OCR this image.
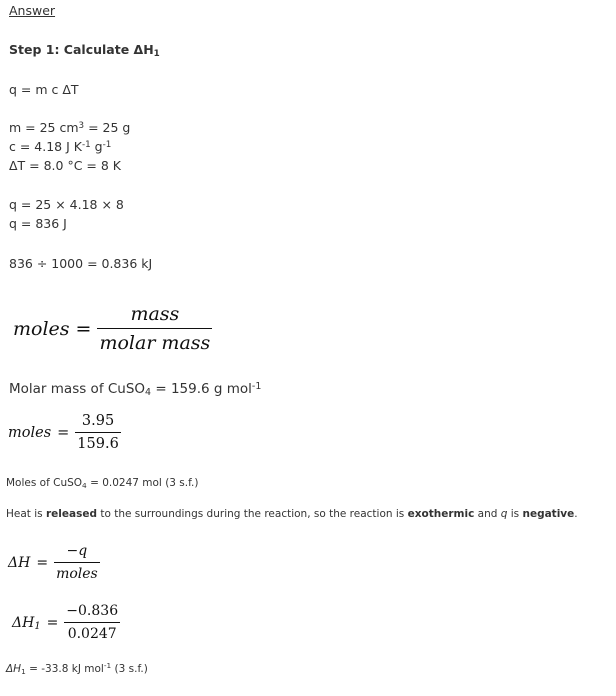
Answer
Step 1: Calculate $\Delta H_1$
q = m c ΔT
m = 25 $cm^3 = 25$ g
c = 4.18 J $K^{-1}$ $g^{-1}$
ΔT = 8.0 °C = 8 K
q = 25 × 4.18 × 8
q = 836 J
836 ÷ 1000 = 0.836 kJ
moles = $\frac{\text{mass}}{\text{molar mass}}$
Molar mass of CuSO$_4$ = 159.6 g mol$^{-1}$
moles = $\frac{3.95}{159.6}$
Moles of CuSO$_4$ = 0.0247 mol (3 s.f.)
Heat is released to the surroundings during the reaction, so the reaction is exothermic and q is negative.
$\Delta H = \frac{-q}{\text{moles}}$
$\Delta H_1 = \frac{-0.836}{0.0247}$
$\Delta H_1 = -33.8$ kJ mol$^{-1}$ (3 s.f.)
